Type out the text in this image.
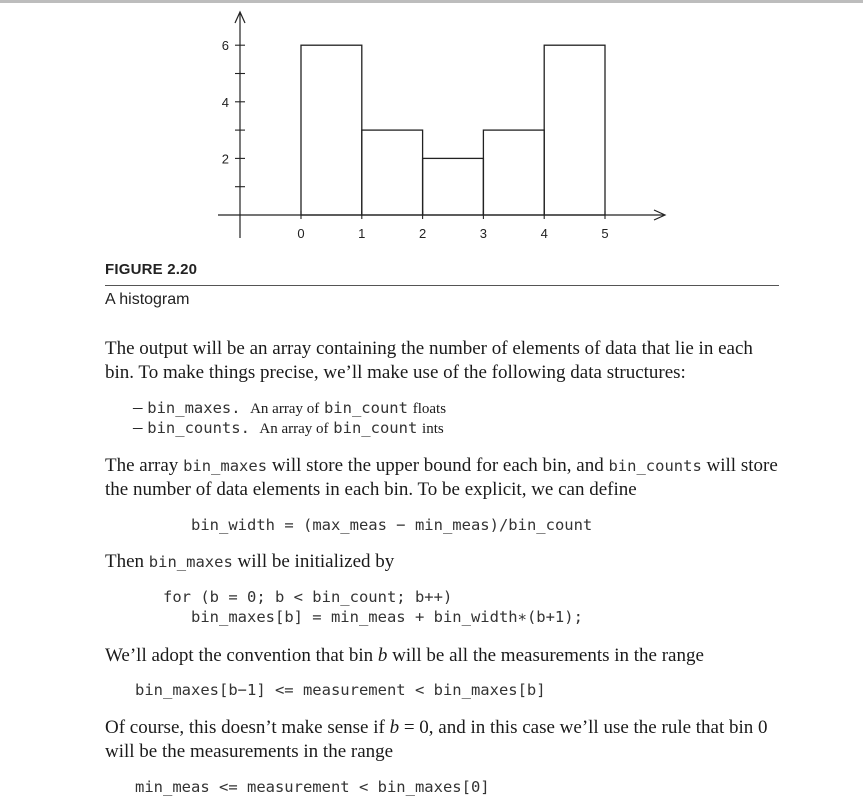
2
4
6
0	1	2	3	4	5
FIGURE 2.20
A histogram

The output will be an array containing the number of elements of data that lie in each bin. To make things precise, we’ll make use of the following data structures:

– bin_maxes. An array of bin_count floats
– bin_counts. An array of bin_count ints

The array bin_maxes will store the upper bound for each bin, and bin_counts will store the number of data elements in each bin. To be explicit, we can define

bin_width = (max_meas − min_meas)/bin_count

Then bin_maxes will be initialized by

for (b = 0; b < bin_count; b++)
bin_maxes[b] = min_meas + bin_width∗(b+1);

We’ll adopt the convention that bin b will be all the measurements in the range

bin_maxes[b−1] <= measurement < bin_maxes[b]

Of course, this doesn’t make sense if b = 0, and in this case we’ll use the rule that bin 0 will be the measurements in the range

min_meas <= measurement < bin_maxes[0]
